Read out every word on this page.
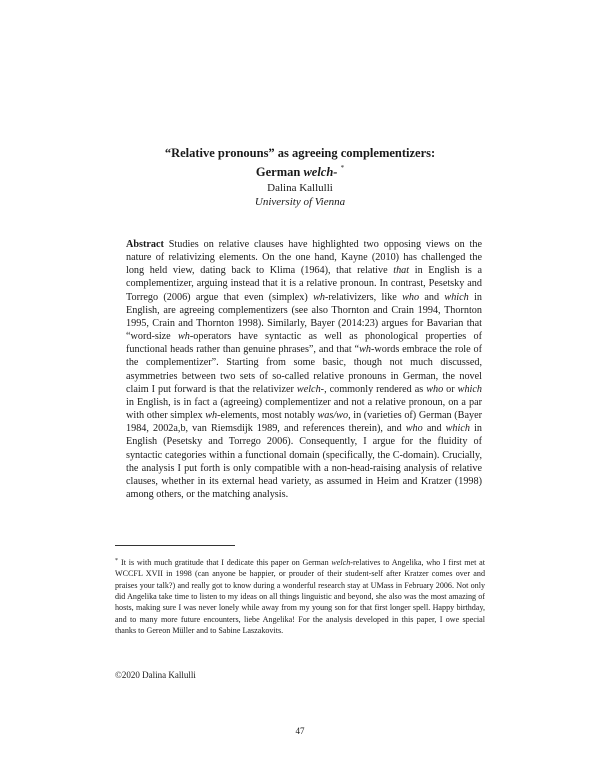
“Relative pronouns” as agreeing complementizers:
German welch- *
Dalina Kallulli
University of Vienna
Abstract Studies on relative clauses have highlighted two opposing views on the nature of relativizing elements. On the one hand, Kayne (2010) has challenged the long held view, dating back to Klima (1964), that relative that in English is a complementizer, arguing instead that it is a relative pronoun. In contrast, Pesetsky and Torrego (2006) argue that even (simplex) wh-relativizers, like who and which in English, are agreeing complementizers (see also Thornton and Crain 1994, Thornton 1995, Crain and Thornton 1998). Similarly, Bayer (2014:23) argues for Bavarian that “word-size wh-operators have syntactic as well as phonological properties of functional heads rather than genuine phrases”, and that “wh-words embrace the role of the complementizer”. Starting from some basic, though not much discussed, asymmetries between two sets of so-called relative pronouns in German, the novel claim I put forward is that the relativizer welch-, commonly rendered as who or which in English, is in fact a (agreeing) complementizer and not a relative pronoun, on a par with other simplex wh-elements, most notably was/wo, in (varieties of) German (Bayer 1984, 2002a,b, van Riemsdijk 1989, and references therein), and who and which in English (Pesetsky and Torrego 2006). Consequently, I argue for the fluidity of syntactic categories within a functional domain (specifically, the C-domain). Crucially, the analysis I put forth is only compatible with a non-head-raising analysis of relative clauses, whether in its external head variety, as assumed in Heim and Kratzer (1998) among others, or the matching analysis.
* It is with much gratitude that I dedicate this paper on German welch-relatives to Angelika, who I first met at WCCFL XVII in 1998 (can anyone be happier, or prouder of their student-self after Kratzer comes over and praises your talk?) and really got to know during a wonderful research stay at UMass in February 2006. Not only did Angelika take time to listen to my ideas on all things linguistic and beyond, she also was the most amazing of hosts, making sure I was never lonely while away from my young son for that first longer spell. Happy birthday, and to many more future encounters, liebe Angelika! For the analysis developed in this paper, I owe special thanks to Gereon Müller and to Sabine Laszakovits.
©2020 Dalina Kallulli
47
